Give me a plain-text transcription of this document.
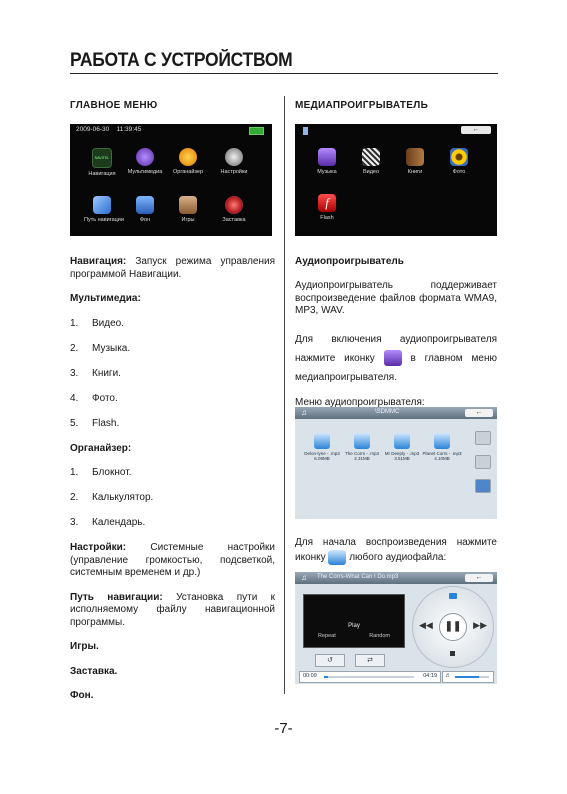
РАБОТА С УСТРОЙСТВОМ
ГЛАВНОЕ МЕНЮ
2009-06-30 11:39:45
NAVITEL
Навигация	Мультимедиа	Органайзер	Настройки
Путь навигации	Фон	Игры	Заставка

Навигация: Запуск режима управления программой Навигации.

Мультимедиа:

1.	Видео.
2.	Музыка.
3.	Книги.
4.	Фото.
5.	Flash.

Органайзер:

1.	Блокнот.
2.	Калькулятор.
3.	Календарь.

Настройки: Системные настройки (управление громкостью, подсветкой, системным временем и др.)

Путь навигации: Установка пути к исполняемому файлу навигационной программы.

Игры.

Заставка.

Фон.

МЕДИАПРОИГРЫВАТЕЛЬ
←
Музыка	Видео	Книги	Фото
f
Flash
Аудиопроигрыватель

Аудиопроигрыватель поддерживает воспроизведение файлов формата WMA9, MP3, WAV.

Для включения аудиопроигрывателя нажмите иконку	в главном меню медиапроигрывателя.

Меню аудиопроигрывателя:

♫	\SDMMC	←
Delon-lyne - .mp3
6.09MB
The Corrs - .mp3
2.31MB
Mr Deeply - .mp3
3.51MB
Planet Corrs - .mp3
4.10MB

Для начала воспроизведения нажмите иконку любого аудиофайла:

♫ The Corrs-What Can I Do.mp3	←
Play
Repeat	Random
↺	⇄
◀◀	❚❚	▶▶
00:09	04:19 ♬
-7-
